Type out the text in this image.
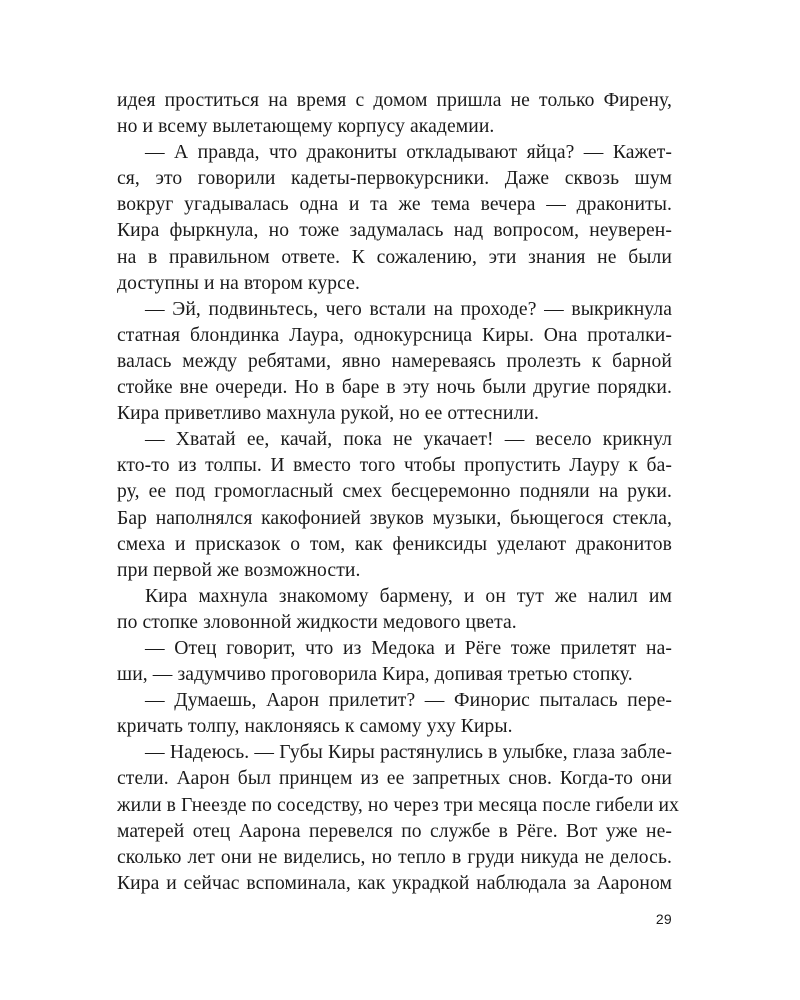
идея проститься на время с домом пришла не только Фирену,
но и всему вылетающему корпусу академии.
— А правда, что дракониты откладывают яйца? — Кажет-
ся, это говорили кадеты-первокурсники. Даже сквозь шум
вокруг угадывалась одна и та же тема вечера — дракониты.
Кира фыркнула, но тоже задумалась над вопросом, неуверен-
на в правильном ответе. К сожалению, эти знания не были
доступны и на втором курсе.
— Эй, подвиньтесь, чего встали на проходе? — выкрикнула
статная блондинка Лаура, однокурсница Киры. Она проталки-
валась между ребятами, явно намереваясь пролезть к барной
стойке вне очереди. Но в баре в эту ночь были другие порядки.
Кира приветливо махнула рукой, но ее оттеснили.
— Хватай ее, качай, пока не укачает! — весело крикнул
кто-то из толпы. И вместо того чтобы пропустить Лауру к ба-
ру, ее под громогласный смех бесцеремонно подняли на руки.
Бар наполнялся какофонией звуков музыки, бьющегося стекла,
смеха и присказок о том, как фениксиды уделают драконитов
при первой же возможности.
Кира махнула знакомому бармену, и он тут же налил им
по стопке зловонной жидкости медового цвета.
— Отец говорит, что из Медока и Рёге тоже прилетят на-
ши, — задумчиво проговорила Кира, допивая третью стопку.
— Думаешь, Аарон прилетит? — Финорис пыталась пере-
кричать толпу, наклоняясь к самому уху Киры.
— Надеюсь. — Губы Киры растянулись в улыбке, глаза забле-
стели. Аарон был принцем из ее запретных снов. Когда-то они
жили в Гнеезде по соседству, но через три месяца после гибели их
матерей отец Аарона перевелся по службе в Рёге. Вот уже не-
сколько лет они не виделись, но тепло в груди никуда не делось.
Кира и сейчас вспоминала, как украдкой наблюдала за Аароном
29
